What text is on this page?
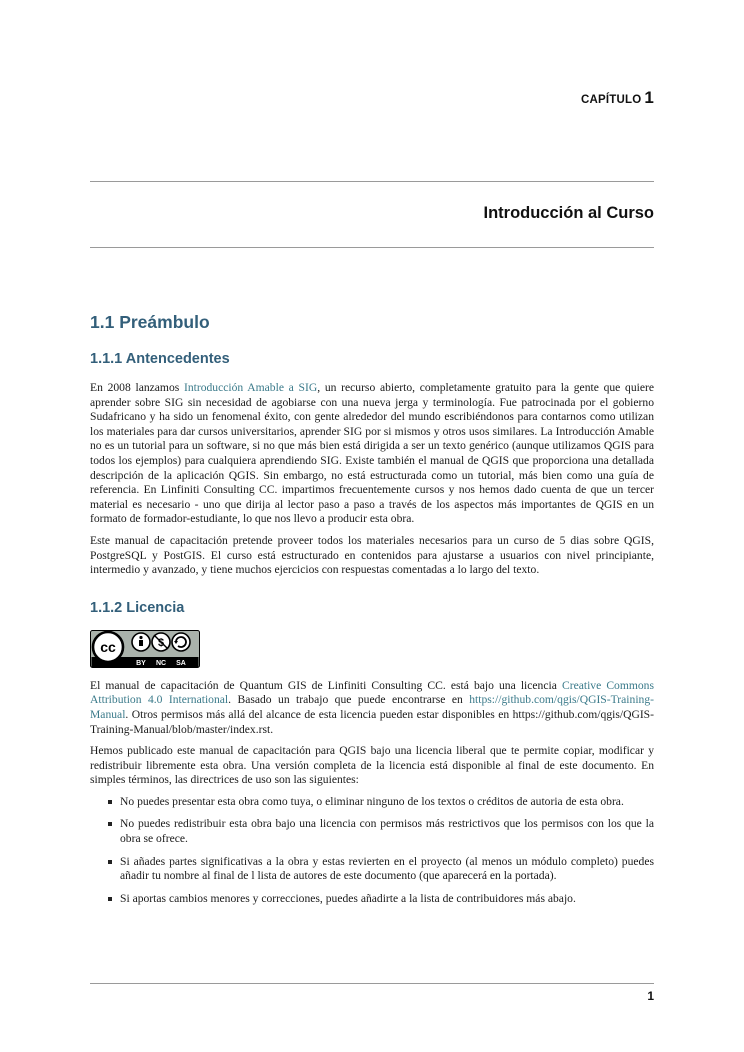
CAPÍTULO 1
Introducción al Curso
1.1 Preámbulo
1.1.1 Antencedentes

En 2008 lanzamos Introducción Amable a SIG, un recurso abierto, completamente gratuito para la gente que quiere aprender sobre SIG sin necesidad de agobiarse con una nueva jerga y terminología. Fue patrocinada por el gobierno Sudafricano y ha sido un fenomenal éxito, con gente alrededor del mundo escribiéndonos para contarnos como utilizan los materiales para dar cursos universitarios, aprender SIG por si mismos y otros usos similares. La Introducción Amable no es un tutorial para un software, si no que más bien está dirigida a ser un texto genérico (aunque utilizamos QGIS para todos los ejemplos) para cualquiera aprendiendo SIG. Existe también el manual de QGIS que proporciona una detallada descripción de la aplicación QGIS. Sin embargo, no está estructurada como un tutorial, más bien como una guía de referencia. En Linfiniti Consulting CC. impartimos frecuentemente cursos y nos hemos dado cuenta de que un tercer material es necesario - uno que dirija al lector paso a paso a través de los aspectos más importantes de QGIS en un formato de formador-estudiante, lo que nos llevo a producir esta obra.

Este manual de capacitación pretende proveer todos los materiales necesarios para un curso de 5 dias sobre QGIS, PostgreSQL y PostGIS. El curso está estructurado en contenidos para ajustarse a usuarios con nivel principiante, intermedio y avanzado, y tiene muchos ejercicios con respuestas comentadas a lo largo del texto.

1.1.2 Licencia
cc	$
BY NC SA

El manual de capacitación de Quantum GIS de Linfiniti Consulting CC. está bajo una licencia Creative Commons Attribution 4.0 International. Basado un trabajo que puede encontrarse en https://github.com/qgis/QGIS-Training-Manual. Otros permisos más allá del alcance de esta licencia pueden estar disponibles en https://github.com/qgis/QGIS-Training-Manual/blob/master/index.rst.

Hemos publicado este manual de capacitación para QGIS bajo una licencia liberal que te permite copiar, modificar y redistribuir libremente esta obra. Una versión completa de la licencia está disponible al final de este documento. En simples términos, las directrices de uso son las siguientes:

No puedes presentar esta obra como tuya, o eliminar ninguno de los textos o créditos de autoria de esta obra.
No puedes redistribuir esta obra bajo una licencia con permisos más restrictivos que los permisos con los que la obra se ofrece.
Si añades partes significativas a la obra y estas revierten en el proyecto (al menos un módulo completo) puedes añadir tu nombre al final de l lista de autores de este documento (que aparecerá en la portada).
Si aportas cambios menores y correcciones, puedes añadirte a la lista de contribuidores más abajo.
1
